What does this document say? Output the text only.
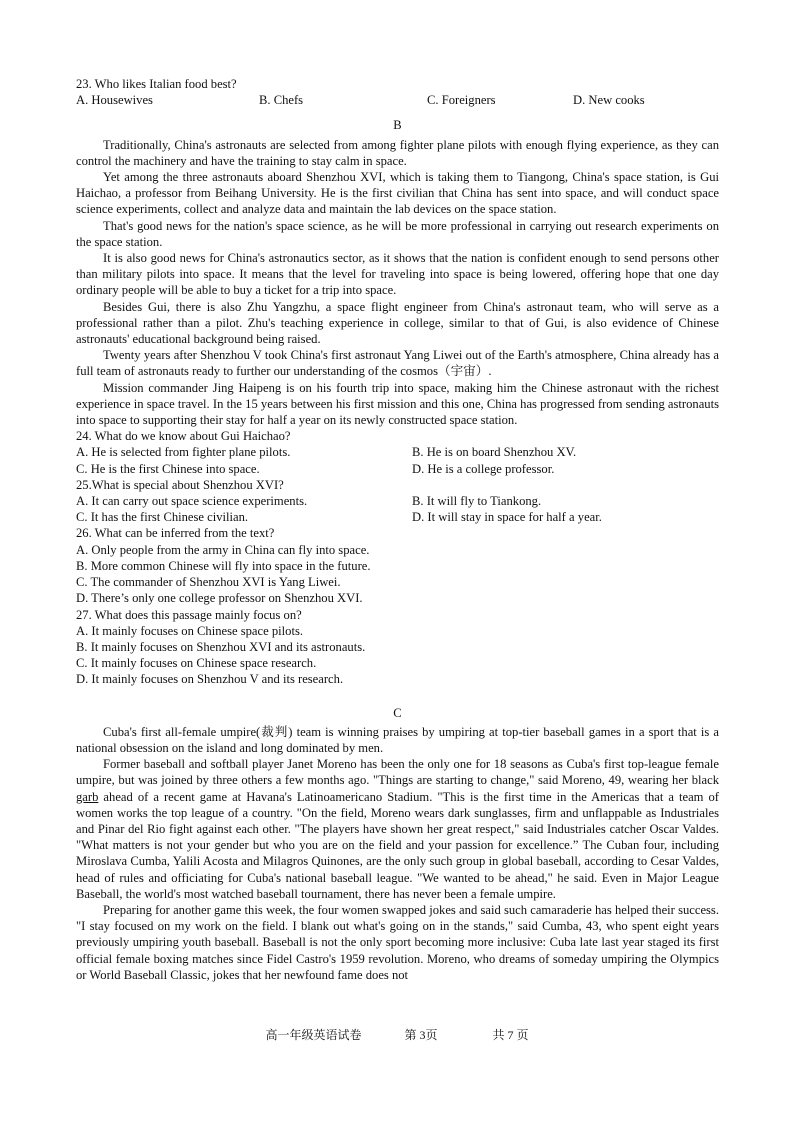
23. Who likes Italian food best?

A. Housewives	B. Chefs	C. Foreigners	D. New cooks

B

Traditionally, China's astronauts are selected from among fighter plane pilots with enough flying experience, as they can control the machinery and have the training to stay calm in space.

Yet among the three astronauts aboard Shenzhou XVI, which is taking them to Tiangong, China's space station, is Gui Haichao, a professor from Beihang University. He is the first civilian that China has sent into space, and will conduct space science experiments, collect and analyze data and maintain the lab devices on the space station.

That's good news for the nation's space science, as he will be more professional in carrying out research experiments on the space station.

It is also good news for China's astronautics sector, as it shows that the nation is confident enough to send persons other than military pilots into space. It means that the level for traveling into space is being lowered, offering hope that one day ordinary people will be able to buy a ticket for a trip into space.

Besides Gui, there is also Zhu Yangzhu, a space flight engineer from China's astronaut team, who will serve as a professional rather than a pilot. Zhu's teaching experience in college, similar to that of Gui, is also evidence of Chinese astronauts' educational background being raised.

Twenty years after Shenzhou V took China's first astronaut Yang Liwei out of the Earth's atmosphere, China already has a full team of astronauts ready to further our understanding of the cosmos（宇宙）.

Mission commander Jing Haipeng is on his fourth trip into space, making him the Chinese astronaut with the richest experience in space travel. In the 15 years between his first mission and this one, China has progressed from sending astronauts into space to supporting their stay for half a year on its newly constructed space station.

24. What do we know about Gui Haichao?

A. He is selected from fighter plane pilots.	B. He is on board Shenzhou XV.
C. He is the first Chinese into space.	D. He is a college professor.

25.What is special about Shenzhou XVI?

A. It can carry out space science experiments.	B. It will fly to Tiankong.
C. It has the first Chinese civilian.	D. It will stay in space for half a year.

26. What can be inferred from the text?

A. Only people from the army in China can fly into space.

B. More common Chinese will fly into space in the future.

C. The commander of Shenzhou XVI is Yang Liwei.

D. There’s only one college professor on Shenzhou XVI.

27. What does this passage mainly focus on?

A. It mainly focuses on Chinese space pilots.

B. It mainly focuses on Shenzhou XVI and its astronauts.

C. It mainly focuses on Chinese space research.

D. It mainly focuses on Shenzhou V and its research.

C

Cuba's first all-female umpire(裁判) team is winning praises by umpiring at top-tier baseball games in a sport that is a national obsession on the island and long dominated by men.

Former baseball and softball player Janet Moreno has been the only one for 18 seasons as Cuba's first top-league female umpire, but was joined by three others a few months ago. "Things are starting to change," said Moreno, 49, wearing her black garb ahead of a recent game at Havana's Latinoamericano Stadium. "This is the first time in the Americas that a team of women works the top league of a country. "On the field, Moreno wears dark sunglasses, firm and unflappable as Industriales and Pinar del Rio fight against each other. "The players have shown her great respect," said Industriales catcher Oscar Valdes. "What matters is not your gender but who you are on the field and your passion for excellence.” The Cuban four, including Miroslava Cumba, Yalili Acosta and Milagros Quinones, are the only such group in global baseball, according to Cesar Valdes, head of rules and officiating for Cuba's national baseball league. "We wanted to be ahead," he said. Even in Major League Baseball, the world's most watched baseball tournament, there has never been a female umpire.

Preparing for another game this week, the four women swapped jokes and said such camaraderie has helped their success. "I stay focused on my work on the field. I blank out what's going on in the stands," said Cumba, 43, who spent eight years previously umpiring youth baseball. Baseball is not the only sport becoming more inclusive: Cuba late last year staged its first official female boxing matches since Fidel Castro's 1959 revolution. Moreno, who dreams of someday umpiring the Olympics or World Baseball Classic, jokes that her newfound fame does not

高一年级英语试卷	第 3页	共 7 页
